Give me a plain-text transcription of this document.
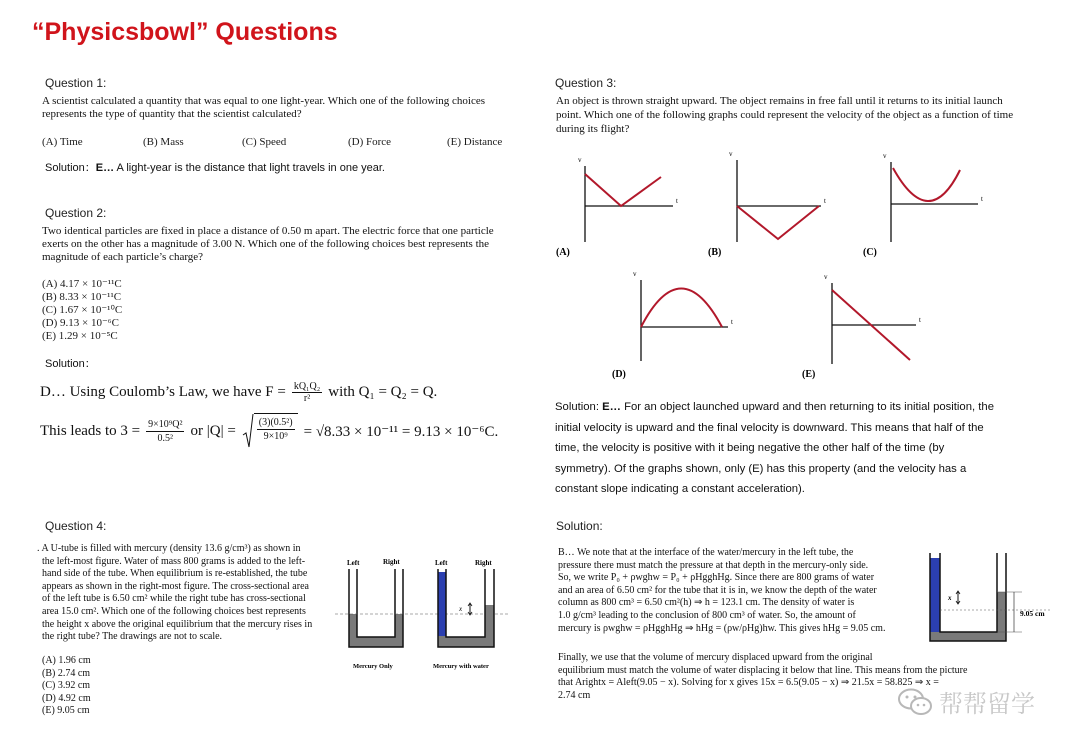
“Physicsbowl” Questions
Question 1:
A scientist calculated a quantity that was equal to one light-year. Which one of the following choices
represents the type of quantity that the scientist calculated?
(A) Time	(B) Mass	(C) Speed	(D) Force	(E) Distance
Solution：E… A light-year is the distance that light travels in one year.
Question 2:
Two identical particles are fixed in place a distance of 0.50 m apart. The electric force that one particle
exerts on the other has a magnitude of 3.00 N. Which one of the following choices best represents the
magnitude of each particle’s charge?
(A) 4.17 × 10⁻¹¹C
(B) 8.33 × 10⁻¹¹C
(C) 1.67 × 10⁻¹⁰C
(D) 9.13 × 10⁻⁶C
(E) 1.29 × 10⁻⁵C
Solution：
D… Using Coulomb’s Law, we have $F = \frac{\text{kQ₁Q₂}}{\text{r²}}$ with Q₁ = Q₂ = Q.
This leads to $3 = \frac{\text{9×10⁹Q²}}{\text{0.5²}}$ or $|Q| = \frac{\text{(3)(0.5²)}}{\text{9×10⁹}} = √8.33 \times 10^{-11} = 9.13 \times 10^{-6}C$.
Question 3:
An object is thrown straight upward. The object remains in free fall until it returns to its initial launch
point. Which one of the following graphs could represent the velocity of the object as a function of time
during its flight?
v
t
(A)
v
t
(B)
v
t
(C)
v
t
(D)
v
t
(E)
Solution: E… For an object launched upward and then returning to its initial position, the
initial velocity is upward and the final velocity is downward. This means that half of the
time, the velocity is positive with it being negative the other half of the time (by
symmetry). Of the graphs shown, only (E) has this property (and the velocity has a
constant slope indicating a constant acceleration).
Question 4:
. A U-tube is filled with mercury (density 13.6 g/cm³) as shown in
the left-most figure. Water of mass 800 grams is added to the left-
hand side of the tube. When equilibrium is re-established, the tube
appears as shown in the right-most figure. The cross-sectional area
of the left tube is 6.50 cm² while the right tube has cross-sectional
area 15.0 cm². Which one of the following choices best represents
the height x above the original equilibrium that the mercury rises in
the right tube? The drawings are not to scale.
(A) 1.96 cm
(B) 2.74 cm
(C) 3.92 cm
(D) 4.92 cm
(E) 9.05 cm
Left	Right
Mercury Only
Left	Right
x
Mercury with water
Solution:
B… We note that at the interface of the water/mercury in the left tube, the
pressure there must match the pressure at that depth in the mercury-only side.
So, we write P₀ + ρwghw = P₀ + ρHgghHg. Since there are 800 grams of water
and an area of 6.50 cm² for the tube that it is in, we know the depth of the water
column as 800 cm³ = 6.50 cm²(h) ⇒ h = 123.1 cm. The density of water is
1.0 g/cm³ leading to the conclusion of 800 cm³ of water. So, the amount of
mercury is ρwghw = ρHgghHg ⇒ hHg = (ρw/ρHg)hw. This gives hHg = 9.05 cm.
Finally, we use that the volume of mercury displaced upward from the original
equilibrium must match the volume of water displacing it below that line. This means from the picture
that Arightx = Aleft(9.05 − x). Solving for x gives 15x = 6.5(9.05 − x) ⇒ 21.5x = 58.825 ⇒ x =
2.74 cm
x
9.05 cm
帮帮留学
